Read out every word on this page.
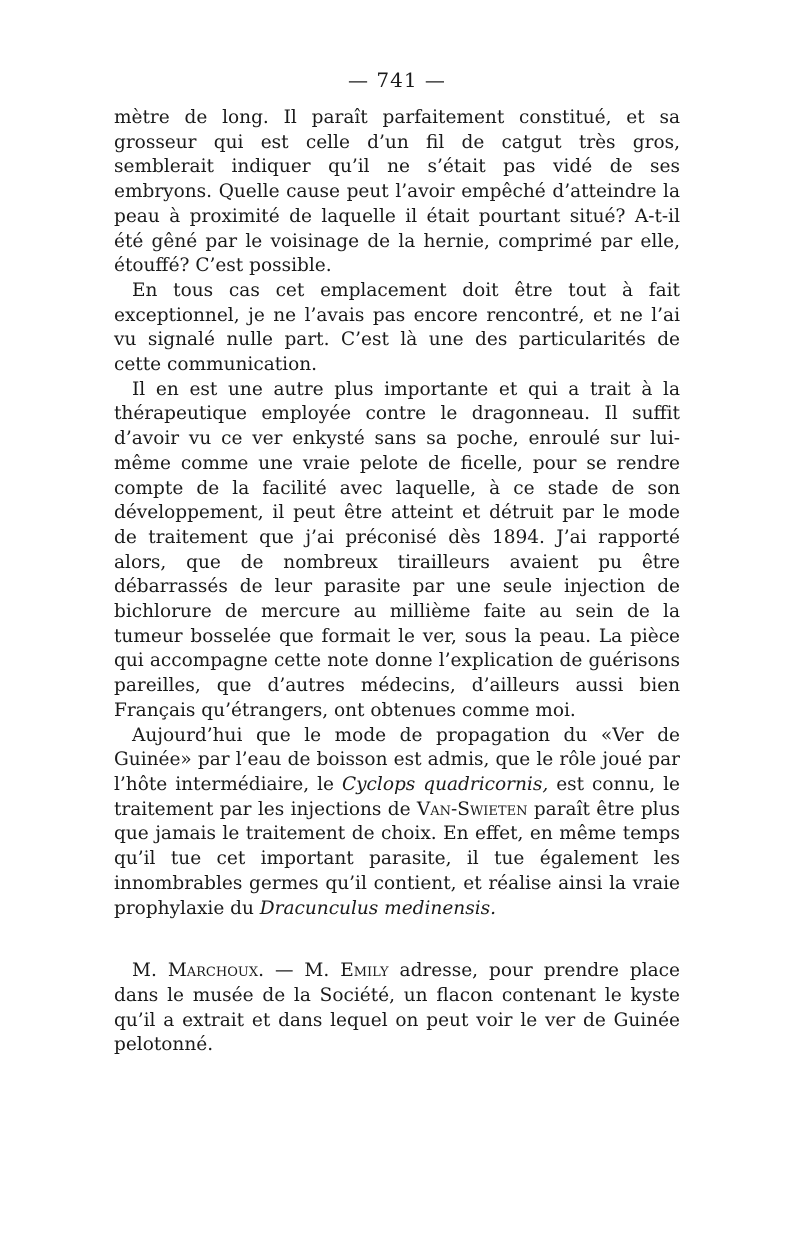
— 741 —

mètre de long. Il paraît parfaitement constitué, et sa grosseur qui est celle d’un fil de catgut très gros, semblerait indiquer qu’il ne s’était pas vidé de ses embryons. Quelle cause peut l’avoir empêché d’atteindre la peau à proximité de laquelle il était pourtant situé? A-t-il été gêné par le voisinage de la hernie, comprimé par elle, étouffé? C’est possible.

En tous cas cet emplacement doit être tout à fait exceptionnel, je ne l’avais pas encore rencontré, et ne l’ai vu signalé nulle part. C’est là une des particularités de cette communication.

Il en est une autre plus importante et qui a trait à la thérapeutique employée contre le dragonneau. Il suffit d’avoir vu ce ver enkysté sans sa poche, enroulé sur lui-même comme une vraie pelote de ficelle, pour se rendre compte de la facilité avec laquelle, à ce stade de son développement, il peut être atteint et détruit par le mode de traitement que j’ai préconisé dès 1894. J’ai rapporté alors, que de nombreux tirailleurs avaient pu être débarrassés de leur parasite par une seule injection de bichlorure de mercure au millième faite au sein de la tumeur bosselée que formait le ver, sous la peau. La pièce qui accompagne cette note donne l’explication de guérisons pareilles, que d’autres médecins, d’ailleurs aussi bien Français qu’étrangers, ont obtenues comme moi.

Aujourd’hui que le mode de propagation du «Ver de Guinée» par l’eau de boisson est admis, que le rôle joué par l’hôte intermédiaire, le Cyclops quadricornis, est connu, le traitement par les injections de Van-Swieten paraît être plus que jamais le traitement de choix. En effet, en même temps qu’il tue cet important parasite, il tue également les innombrables germes qu’il contient, et réalise ainsi la vraie prophylaxie du Dracunculus medinensis.

M. Marchoux. — M. Emily adresse, pour prendre place dans le musée de la Société, un flacon contenant le kyste qu’il a extrait et dans lequel on peut voir le ver de Guinée pelotonné.
